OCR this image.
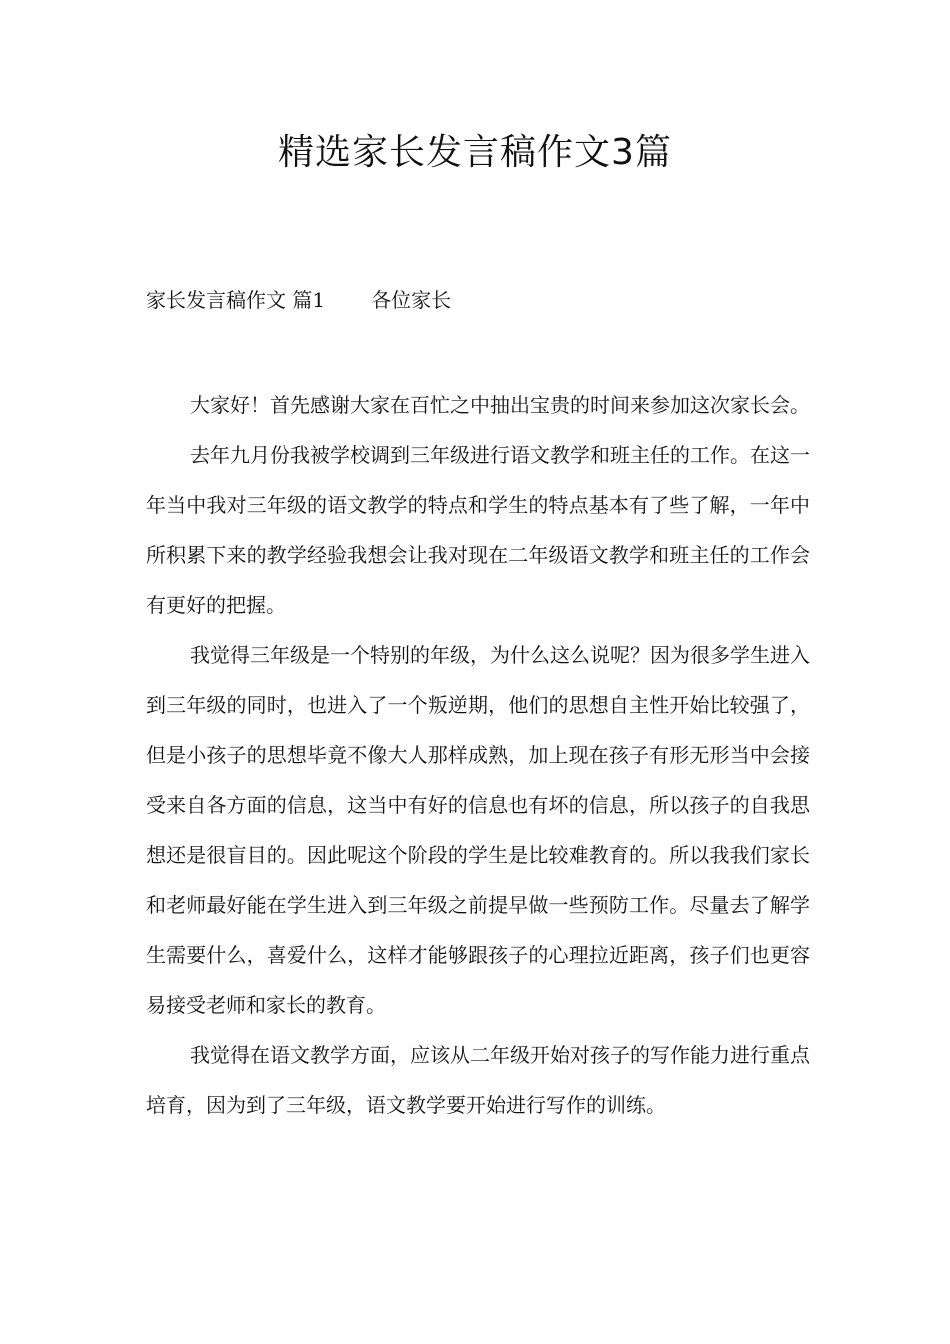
精选家长发言稿作文3篇
家长发言稿作文 篇1 各位家长

大家好！首先感谢大家在百忙之中抽出宝贵的时间来参加这次家长会。

去年九月份我被学校调到三年级进行语文教学和班主任的工作。在这一年当中我对三年级的语文教学的特点和学生的特点基本有了些了解，一年中所积累下来的教学经验我想会让我对现在二年级语文教学和班主任的工作会有更好的把握。

我觉得三年级是一个特别的年级，为什么这么说呢？因为很多学生进入到三年级的同时，也进入了一个叛逆期，他们的思想自主性开始比较强了，但是小孩子的思想毕竟不像大人那样成熟，加上现在孩子有形无形当中会接受来自各方面的信息，这当中有好的信息也有坏的信息，所以孩子的自我思想还是很盲目的。因此呢这个阶段的学生是比较难教育的。所以我我们家长和老师最好能在学生进入到三年级之前提早做一些预防工作。尽量去了解学生需要什么，喜爱什么，这样才能够跟孩子的心理拉近距离，孩子们也更容易接受老师和家长的教育。

我觉得在语文教学方面，应该从二年级开始对孩子的写作能力进行重点培育，因为到了三年级，语文教学要开始进行写作的训练。
